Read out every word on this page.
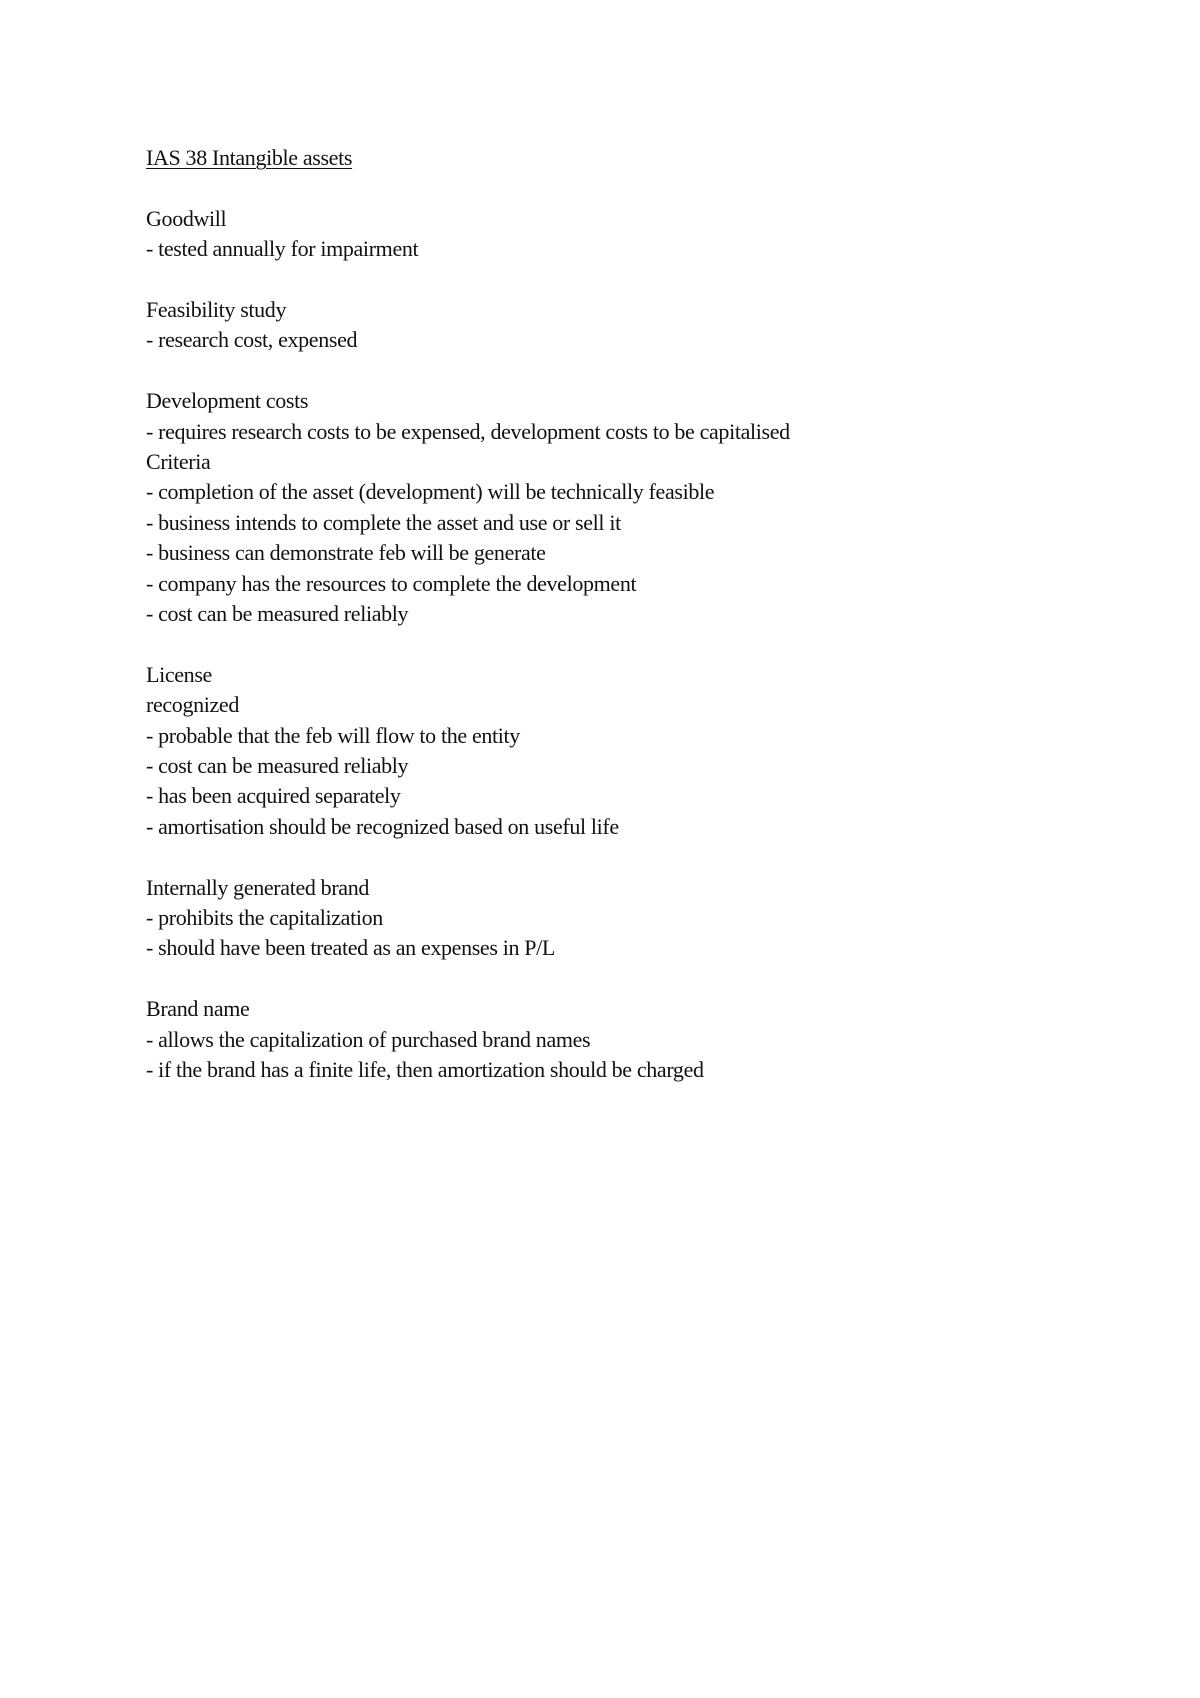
IAS 38 Intangible assets
Goodwill
- tested annually for impairment
Feasibility study
- research cost, expensed
Development costs
- requires research costs to be expensed, development costs to be capitalised
Criteria
- completion of the asset (development) will be technically feasible
- business intends to complete the asset and use or sell it
- business can demonstrate feb will be generate
- company has the resources to complete the development
- cost can be measured reliably
License
recognized
- probable that the feb will flow to the entity
- cost can be measured reliably
- has been acquired separately
- amortisation should be recognized based on useful life
Internally generated brand
- prohibits the capitalization
- should have been treated as an expenses in P/L
Brand name
- allows the capitalization of purchased brand names
- if the brand has a finite life, then amortization should be charged
